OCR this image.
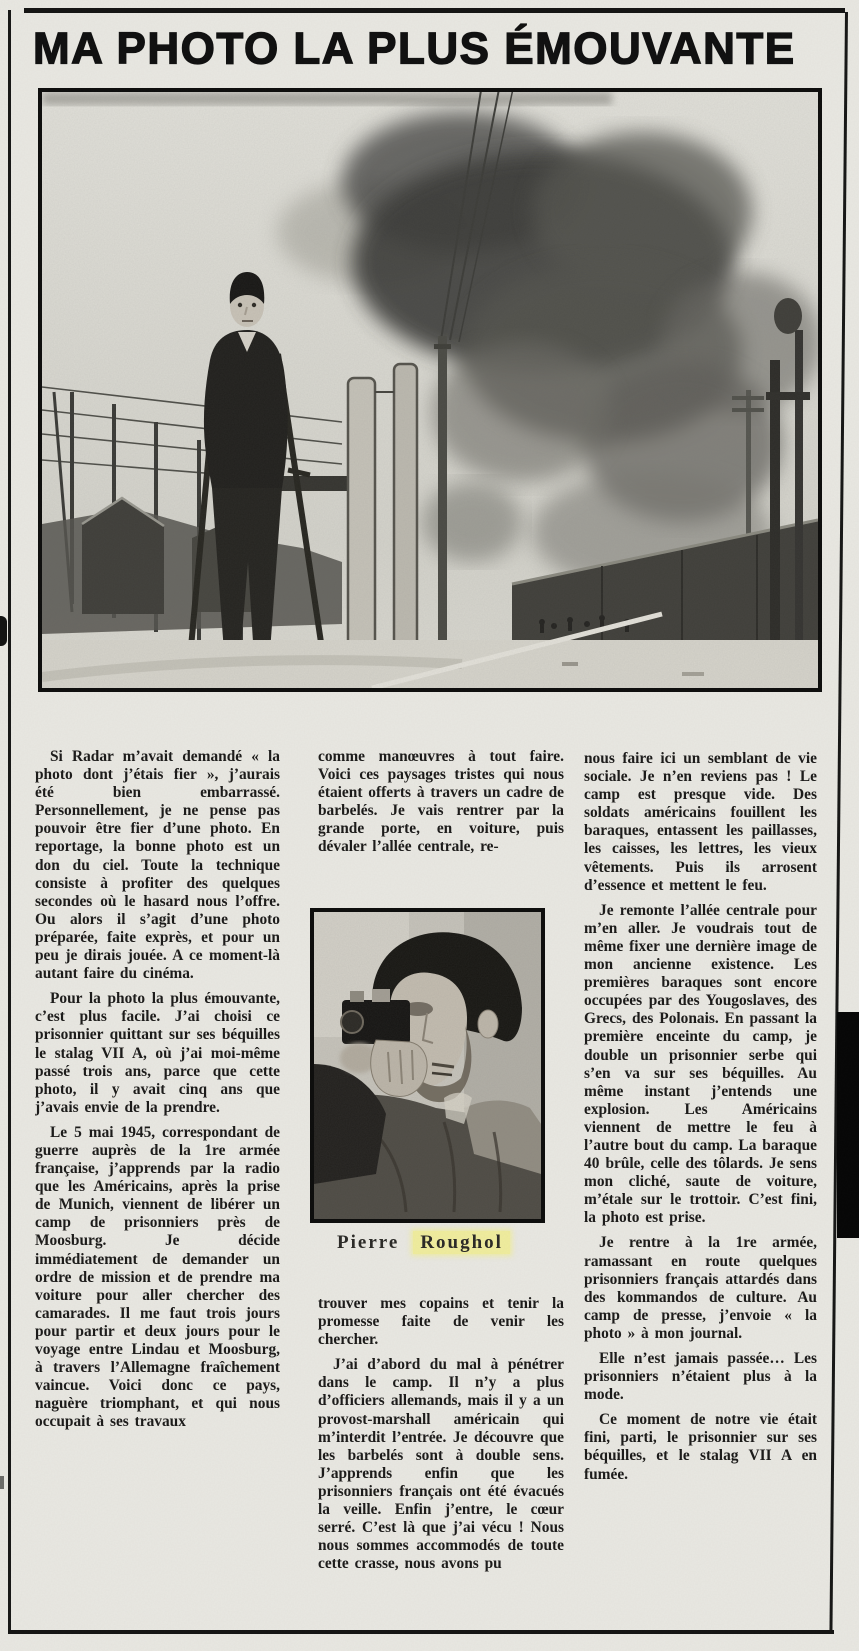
MA PHOTO LA PLUS ÉMOUVANTE

Si Radar m’avait demandé « la photo dont j’étais fier », j’aurais été bien embarrassé. Personnellement, je ne pense pas pouvoir être fier d’une photo. En reportage, la bonne photo est un don du ciel. Toute la technique consiste à profiter des quelques secondes où le hasard nous l’offre. Ou alors il s’agit d’une photo préparée, faite exprès, et pour un peu je dirais jouée. A ce moment-là autant faire du cinéma.

Pour la photo la plus émouvante, c’est plus facile. J’ai choisi ce prisonnier quittant sur ses béquilles le stalag VII A, où j’ai moi-même passé trois ans, parce que cette photo, il y avait cinq ans que j’avais envie de la prendre.

Le 5 mai 1945, correspondant de guerre auprès de la 1re armée française, j’apprends par la radio que les Américains, après la prise de Munich, viennent de libérer un camp de prisonniers près de Moosburg. Je décide immédiatement de demander un ordre de mission et de prendre ma voiture pour aller chercher des camarades. Il me faut trois jours pour partir et deux jours pour le voyage entre Lindau et Moosburg, à travers l’Allemagne fraîchement vaincue. Voici donc ce pays, naguère triomphant, et qui nous occupait à ses travaux

comme manœuvres à tout faire. Voici ces paysages tristes qui nous étaient offerts à travers un cadre de barbelés. Je vais rentrer par la grande porte, en voiture, puis dévaler l’allée centrale, re-

Pierre Roughol

trouver mes copains et tenir la promesse faite de venir les chercher.

J’ai d’abord du mal à pénétrer dans le camp. Il n’y a plus d’officiers allemands, mais il y a un provost-marshall américain qui m’interdit l’entrée. Je découvre que les barbelés sont à double sens. J’apprends enfin que les prisonniers français ont été évacués la veille. Enfin j’entre, le cœur serré. C’est là que j’ai vécu ! Nous nous sommes accommodés de toute cette crasse, nous avons pu

nous faire ici un semblant de vie sociale. Je n’en reviens pas ! Le camp est presque vide. Des soldats américains fouillent les baraques, entassent les paillasses, les caisses, les lettres, les vieux vêtements. Puis ils arrosent d’essence et mettent le feu.

Je remonte l’allée centrale pour m’en aller. Je voudrais tout de même fixer une dernière image de mon ancienne existence. Les premières baraques sont encore occupées par des Yougoslaves, des Grecs, des Polonais. En passant la première enceinte du camp, je double un prisonnier serbe qui s’en va sur ses béquilles. Au même instant j’entends une explosion. Les Américains viennent de mettre le feu à l’autre bout du camp. La baraque 40 brûle, celle des tôlards. Je sens mon cliché, saute de voiture, m’étale sur le trottoir. C’est fini, la photo est prise.

Je rentre à la 1re armée, ramassant en route quelques prisonniers français attardés dans des kommandos de culture. Au camp de presse, j’envoie « la photo » à mon journal.

Elle n’est jamais passée… Les prisonniers n’étaient plus à la mode.

Ce moment de notre vie était fini, parti, le prisonnier sur ses béquilles, et le stalag VII A en fumée.
